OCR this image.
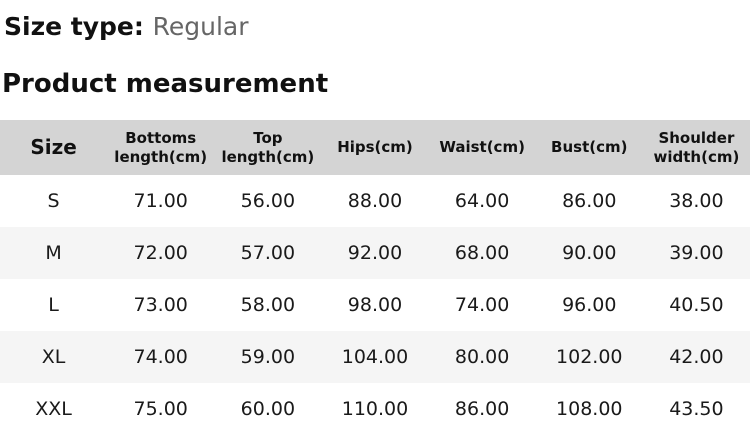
Size type: Regular
Product measurement
Size	Bottoms length(cm)	Top length(cm)	Hips(cm)	Waist(cm)	Bust(cm)	Shoulder width(cm)
S	71.00	56.00	88.00	64.00	86.00	38.00
M	72.00	57.00	92.00	68.00	90.00	39.00
L	73.00	58.00	98.00	74.00	96.00	40.50
XL	74.00	59.00	104.00	80.00	102.00	42.00
XXL	75.00	60.00	110.00	86.00	108.00	43.50
